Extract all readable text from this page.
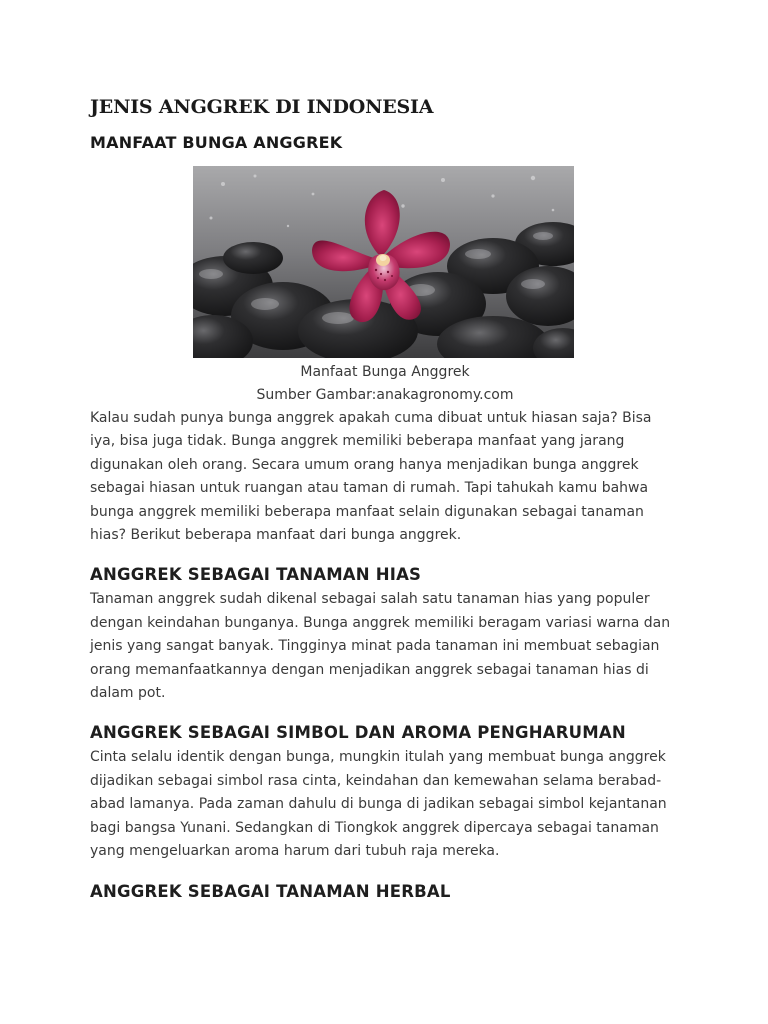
JENIS ANGGREK DI INDONESIA
MANFAAT BUNGA ANGGREK

Manfaat Bunga Anggrek

Sumber Gambar:anakagronomy.com

Kalau sudah punya bunga anggrek apakah cuma dibuat untuk hiasan saja? Bisa iya, bisa juga tidak. Bunga anggrek memiliki beberapa manfaat yang jarang digunakan oleh orang. Secara umum orang hanya menjadikan bunga anggrek sebagai hiasan untuk ruangan atau taman di rumah. Tapi tahukah kamu bahwa bunga anggrek memiliki beberapa manfaat selain digunakan sebagai tanaman hias? Berikut beberapa manfaat dari bunga anggrek.

ANGGREK SEBAGAI TANAMAN HIAS

Tanaman anggrek sudah dikenal sebagai salah satu tanaman hias yang populer dengan keindahan bunganya. Bunga anggrek memiliki beragam variasi warna dan jenis yang sangat banyak. Tingginya minat pada tanaman ini membuat sebagian orang memanfaatkannya dengan menjadikan anggrek sebagai tanaman hias di dalam pot.

ANGGREK SEBAGAI SIMBOL DAN AROMA PENGHARUMAN

Cinta selalu identik dengan bunga, mungkin itulah yang membuat bunga anggrek dijadikan sebagai simbol rasa cinta, keindahan dan kemewahan selama berabad-abad lamanya. Pada zaman dahulu di bunga di jadikan sebagai simbol kejantanan bagi bangsa Yunani. Sedangkan di Tiongkok anggrek dipercaya sebagai tanaman yang mengeluarkan aroma harum dari tubuh raja mereka.

ANGGREK SEBAGAI TANAMAN HERBAL
